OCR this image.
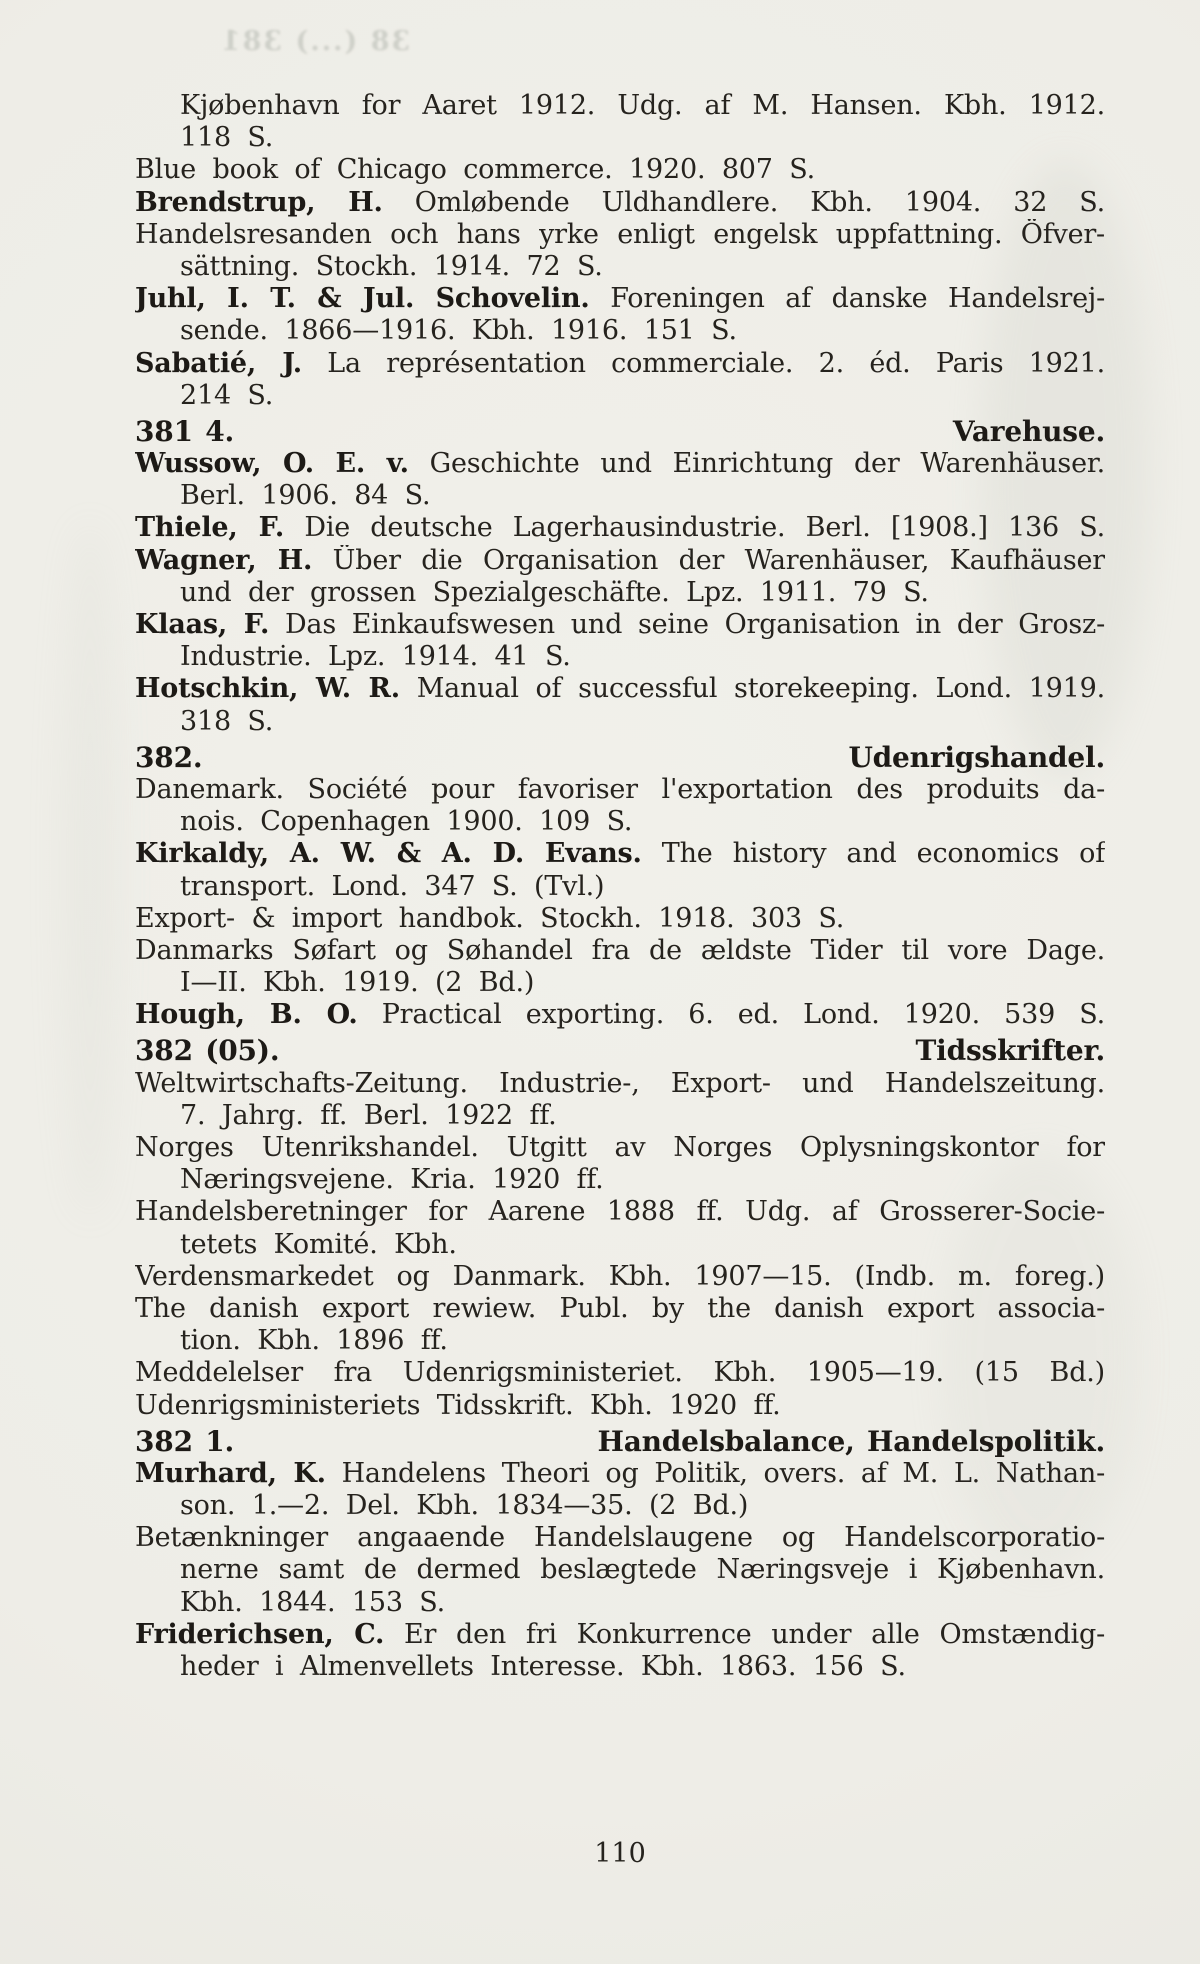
38 (...) 381
Kjøbenhavn for Aaret 1912. Udg. af M. Hansen. Kbh. 1912.
118 S.
Blue book of Chicago commerce. 1920. 807 S.
Brendstrup, H. Omløbende Uldhandlere. Kbh. 1904. 32 S.
Handelsresanden och hans yrke enligt engelsk uppfattning. Öfver-
sättning. Stockh. 1914. 72 S.
Juhl, I. T. & Jul. Schovelin. Foreningen af danske Handelsrej-
sende. 1866—1916. Kbh. 1916. 151 S.
Sabatié, J. La représentation commerciale. 2. éd. Paris 1921.
214 S.
381 4.	Varehuse.
Wussow, O. E. v. Geschichte und Einrichtung der Warenhäuser.
Berl. 1906. 84 S.
Thiele, F. Die deutsche Lagerhausindustrie. Berl. [1908.] 136 S.
Wagner, H. Über die Organisation der Warenhäuser, Kaufhäuser
und der grossen Spezialgeschäfte. Lpz. 1911. 79 S.
Klaas, F. Das Einkaufswesen und seine Organisation in der Grosz-
Industrie. Lpz. 1914. 41 S.
Hotschkin, W. R. Manual of successful storekeeping. Lond. 1919.
318 S.
382.	Udenrigshandel.
Danemark. Société pour favoriser l'exportation des produits da-
nois. Copenhagen 1900. 109 S.
Kirkaldy, A. W. & A. D. Evans. The history and economics of
transport. Lond. 347 S. (Tvl.)
Export- & import handbok. Stockh. 1918. 303 S.
Danmarks Søfart og Søhandel fra de ældste Tider til vore Dage.
I—II. Kbh. 1919. (2 Bd.)
Hough, B. O. Practical exporting. 6. ed. Lond. 1920. 539 S.
382 (05).	Tidsskrifter.
Weltwirtschafts-Zeitung. Industrie-, Export- und Handelszeitung.
7. Jahrg. ff. Berl. 1922 ff.
Norges Utenrikshandel. Utgitt av Norges Oplysningskontor for
Næringsvejene. Kria. 1920 ff.
Handelsberetninger for Aarene 1888 ff. Udg. af Grosserer-Socie-
tetets Komité. Kbh.
Verdensmarkedet og Danmark. Kbh. 1907—15. (Indb. m. foreg.)
The danish export rewiew. Publ. by the danish export associa-
tion. Kbh. 1896 ff.
Meddelelser fra Udenrigsministeriet. Kbh. 1905—19. (15 Bd.)
Udenrigsministeriets Tidsskrift. Kbh. 1920 ff.
382 1.	Handelsbalance, Handelspolitik.
Murhard, K. Handelens Theori og Politik, overs. af M. L. Nathan-
son. 1.—2. Del. Kbh. 1834—35. (2 Bd.)
Betænkninger angaaende Handelslaugene og Handelscorporatio-
nerne samt de dermed beslægtede Næringsveje i Kjøbenhavn.
Kbh. 1844. 153 S.
Friderichsen, C. Er den fri Konkurrence under alle Omstændig-
heder i Almenvellets Interesse. Kbh. 1863. 156 S.
110
